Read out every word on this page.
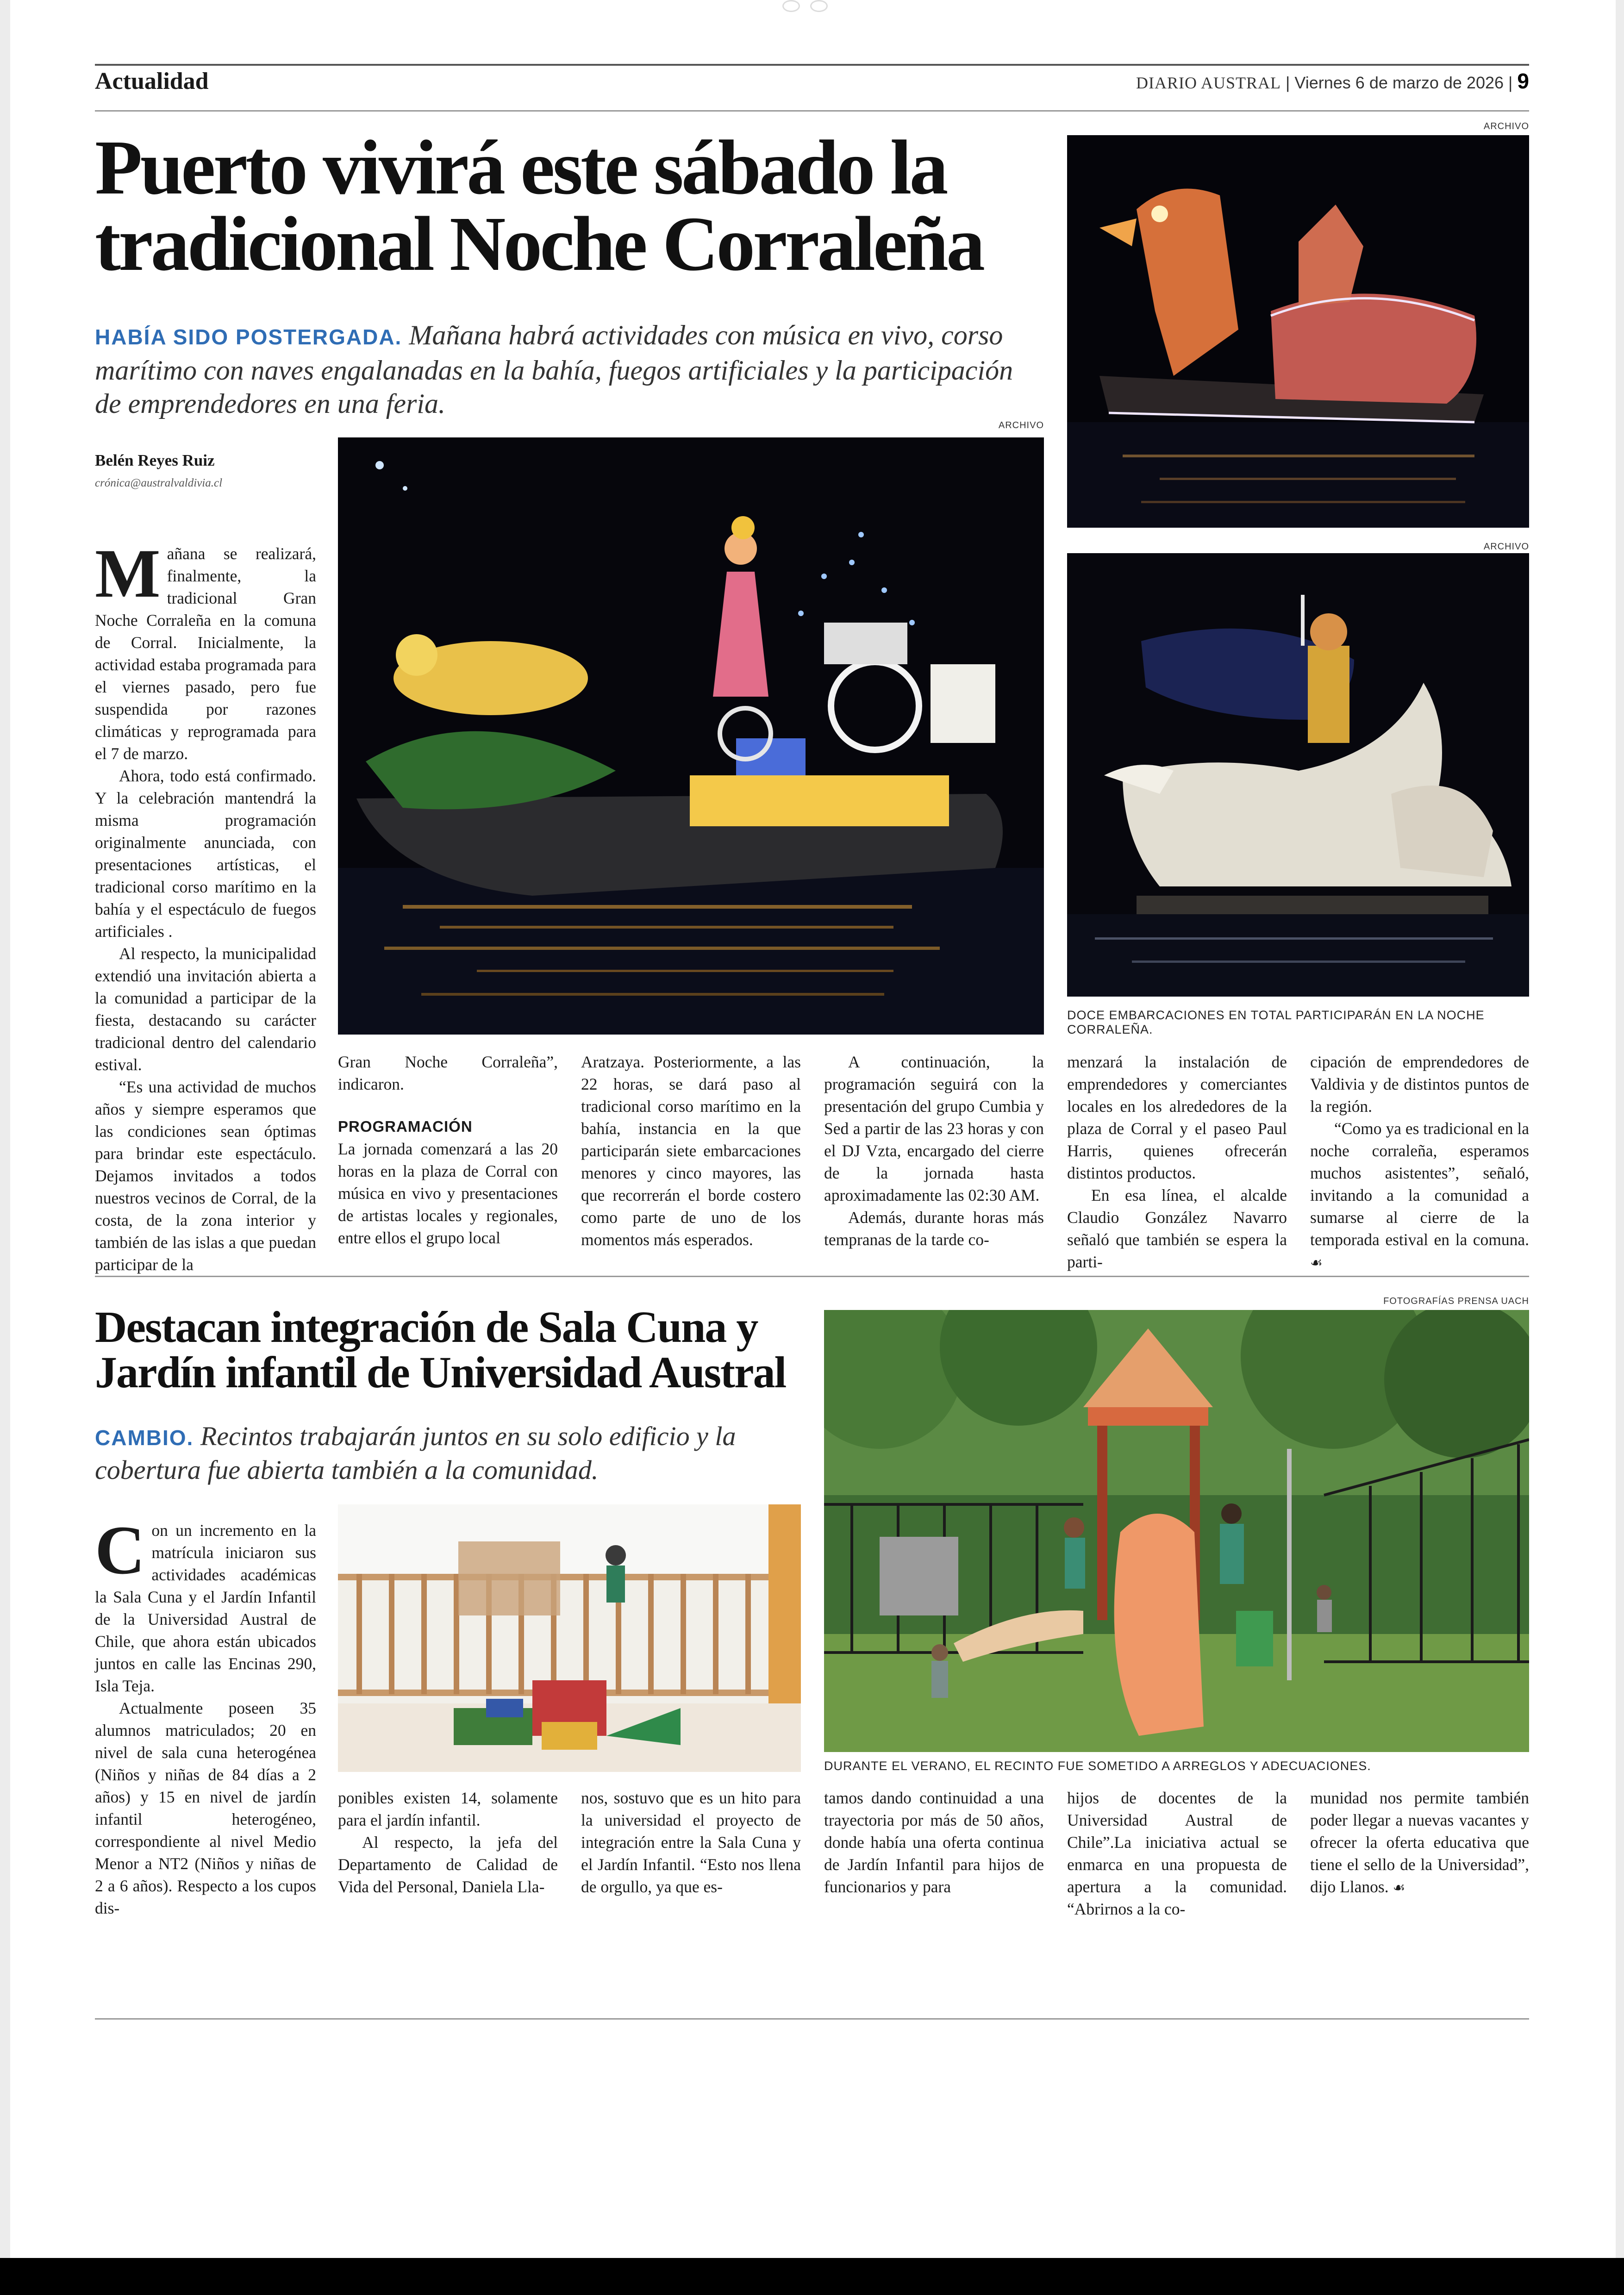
Actualidad	DIARIO AUSTRAL | Viernes 6 de marzo de 2026 | 9
Puerto vivirá este sábado la tradicional Noche Corraleña
HABÍA SIDO POSTERGADA. Mañana habrá actividades con música en vivo, corso marítimo con naves engalanadas en la bahía, fuegos artificiales y la participación de emprendedores en una feria.
Belén Reyes Ruiz
crónica@australvaldivia.cl
ARCHIVO
ARCHIVO
ARCHIVO
DOCE EMBARCACIONES EN TOTAL PARTICIPARÁN EN LA NOCHE CORRALEÑA.

Mañana se realizará, finalmente, la tradicional Gran Noche Corraleña en la comuna de Corral. Inicialmente, la actividad estaba programada para el viernes pasado, pero fue suspendida por razones climáticas y reprogramada para el 7 de marzo.

Ahora, todo está confirmado. Y la celebración mantendrá la misma programación originalmente anunciada, con presentaciones artísticas, el tradicional corso marítimo en la bahía y el espectáculo de fuegos artificiales .

Al respecto, la municipalidad extendió una invitación abierta a la comunidad a participar de la fiesta, destacando su carácter tradicional dentro del calendario estival.

“Es una actividad de muchos años y siempre esperamos que las condiciones sean óptimas para brindar este espectáculo. Dejamos invitados a todos nuestros vecinos de Corral, de la costa, de la zona interior y también de las islas a que puedan participar de la

Gran Noche Corraleña”, indicaron.

PROGRAMACIÓN

La jornada comenzará a las 20 horas en la plaza de Corral con música en vivo y presentaciones de artistas locales y regionales, entre ellos el grupo local

Aratzaya. Posteriormente, a las 22 horas, se dará paso al tradicional corso marítimo en la bahía, instancia en la que participarán siete embarcaciones menores y cinco mayores, las que recorrerán el borde costero como parte de uno de los momentos más esperados.

A continuación, la programación seguirá con la presentación del grupo Cumbia y Sed a partir de las 23 horas y con el DJ Vzta, encargado del cierre de la jornada hasta aproximadamente las 02:30 AM.

Además, durante horas más tempranas de la tarde co-

menzará la instalación de emprendedores y comerciantes locales en los alrededores de la plaza de Corral y el paseo Paul Harris, quienes ofrecerán distintos productos.

En esa línea, el alcalde Claudio González Navarro señaló que también se espera la parti-

cipación de emprendedores de Valdivia y de distintos puntos de la región.

“Como ya es tradicional en la noche corraleña, esperamos muchos asistentes”, señaló, invitando a la comunidad a sumarse al cierre de la temporada estival en la comuna. ☙

Destacan integración de Sala Cuna y Jardín infantil de Universidad Austral
CAMBIO. Recintos trabajarán juntos en su solo edificio y la cobertura fue abierta también a la comunidad.
FOTOGRAFÍAS PRENSA UACH
DURANTE EL VERANO, EL RECINTO FUE SOMETIDO A ARREGLOS Y ADECUACIONES.

Con un incremento en la matrícula iniciaron sus actividades académicas la Sala Cuna y el Jardín Infantil de la Universidad Austral de Chile, que ahora están ubicados juntos en calle las Encinas 290, Isla Teja.

Actualmente poseen 35 alumnos matriculados; 20 en nivel de sala cuna heterogénea (Niños y niñas de 84 días a 2 años) y 15 en nivel de jardín infantil heterogéneo, correspondiente al nivel Medio Menor a NT2 (Niños y niñas de 2 a 6 años). Respecto a los cupos dis-

ponibles existen 14, solamente para el jardín infantil.

Al respecto, la jefa del Departamento de Calidad de Vida del Personal, Daniela Lla-

nos, sostuvo que es un hito para la universidad el proyecto de integración entre la Sala Cuna y el Jardín Infantil. “Esto nos llena de orgullo, ya que es-

tamos dando continuidad a una trayectoria por más de 50 años, donde había una oferta continua de Jardín Infantil para hijos de funcionarios y para

hijos de docentes de la Universidad Austral de Chile”.La iniciativa actual se enmarca en una propuesta de apertura a la comunidad. “Abrirnos a la co-

munidad nos permite también poder llegar a nuevas vacantes y ofrecer la oferta educativa que tiene el sello de la Universidad”, dijo Llanos. ☙
